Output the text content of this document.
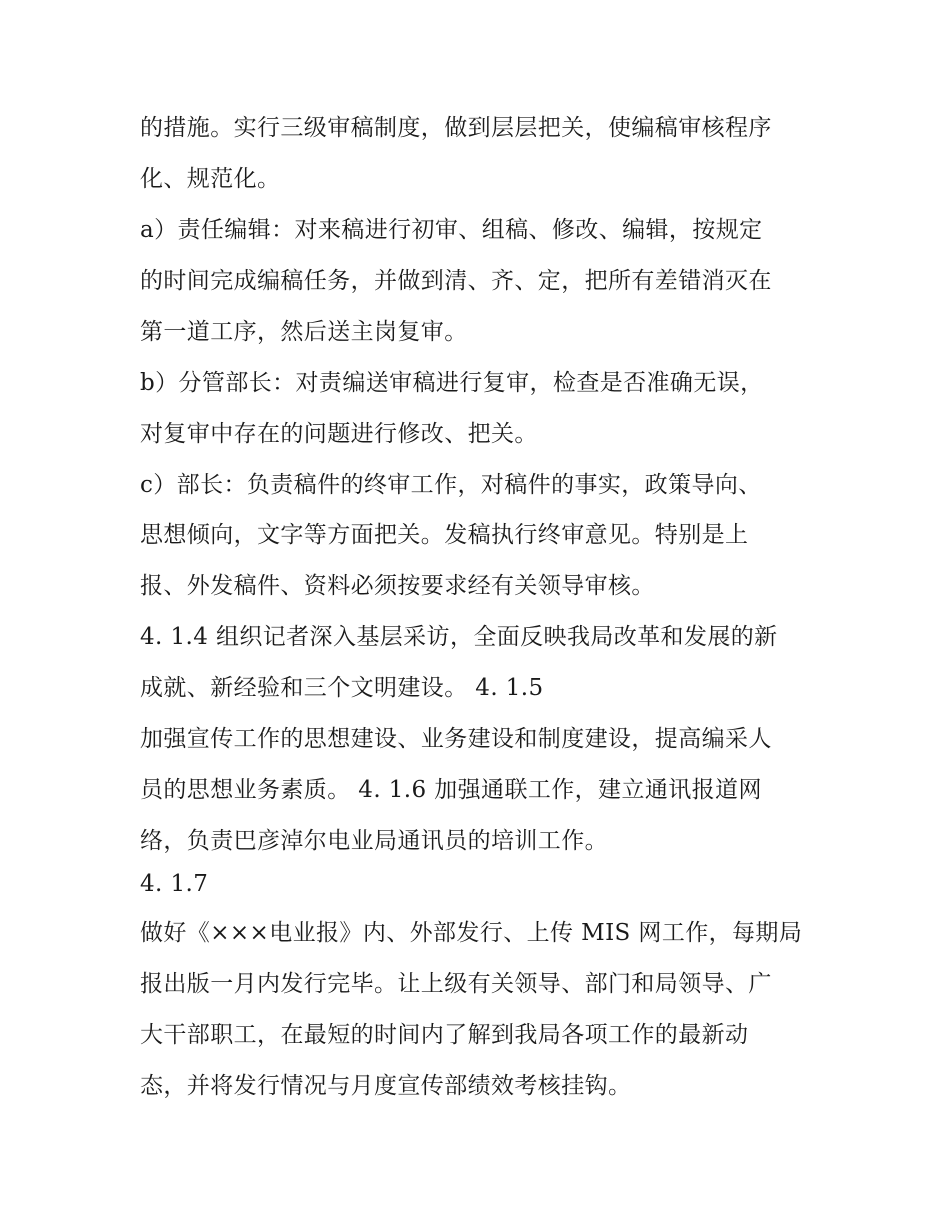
的措施。实行三级审稿制度，做到层层把关，使编稿审核程序
化、规范化。
a）责任编辑：对来稿进行初审、组稿、修改、编辑，按规定
的时间完成编稿任务，并做到清、齐、定，把所有差错消灭在
第一道工序，然后送主岗复审。
b）分管部长：对责编送审稿进行复审，检查是否准确无误，
对复审中存在的问题进行修改、把关。
c）部长：负责稿件的终审工作，对稿件的事实，政策导向、
思想倾向，文字等方面把关。发稿执行终审意见。特别是上
报、外发稿件、资料必须按要求经有关领导审核。
4. 1.4 组织记者深入基层采访，全面反映我局改革和发展的新
成就、新经验和三个文明建设。 4. 1.5
加强宣传工作的思想建设、业务建设和制度建设，提高编采人
员的思想业务素质。 4. 1.6 加强通联工作，建立通讯报道网
络，负责巴彦淖尔电业局通讯员的培训工作。
4. 1.7
做好《×××电业报》内、外部发行、上传 MIS 网工作，每期局
报出版一月内发行完毕。让上级有关领导、部门和局领导、广
大干部职工，在最短的时间内了解到我局各项工作的最新动
态，并将发行情况与月度宣传部绩效考核挂钩。
